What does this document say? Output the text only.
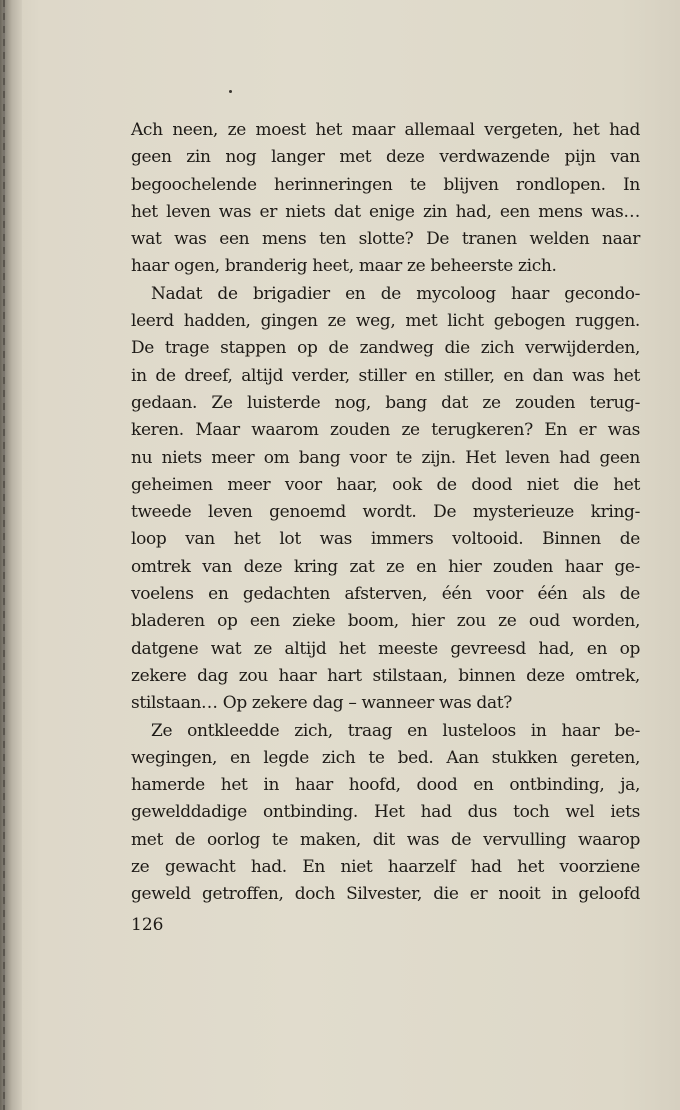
Ach neen, ze moest het maar allemaal vergeten, het had
geen zin nog langer met deze verdwazende pijn van
begoochelende herinneringen te blijven rondlopen. In
het leven was er niets dat enige zin had, een mens was…
wat was een mens ten slotte? De tranen welden naar
haar ogen, branderig heet, maar ze beheerste zich.
Nadat de brigadier en de mycoloog haar gecondo-
leerd hadden, gingen ze weg, met licht gebogen ruggen.
De trage stappen op de zandweg die zich verwijderden,
in de dreef, altijd verder, stiller en stiller, en dan was het
gedaan. Ze luisterde nog, bang dat ze zouden terug-
keren. Maar waarom zouden ze terugkeren? En er was
nu niets meer om bang voor te zijn. Het leven had geen
geheimen meer voor haar, ook de dood niet die het
tweede leven genoemd wordt. De mysterieuze kring-
loop van het lot was immers voltooid. Binnen de
omtrek van deze kring zat ze en hier zouden haar ge-
voelens en gedachten afsterven, één voor één als de
bladeren op een zieke boom, hier zou ze oud worden,
datgene wat ze altijd het meeste gevreesd had, en op
zekere dag zou haar hart stilstaan, binnen deze omtrek,
stilstaan… Op zekere dag – wanneer was dat?
Ze ontkleedde zich, traag en lusteloos in haar be-
wegingen, en legde zich te bed. Aan stukken gereten,
hamerde het in haar hoofd, dood en ontbinding, ja,
gewelddadige ontbinding. Het had dus toch wel iets
met de oorlog te maken, dit was de vervulling waarop
ze gewacht had. En niet haarzelf had het voorziene
geweld getroffen, doch Silvester, die er nooit in geloofd
126
